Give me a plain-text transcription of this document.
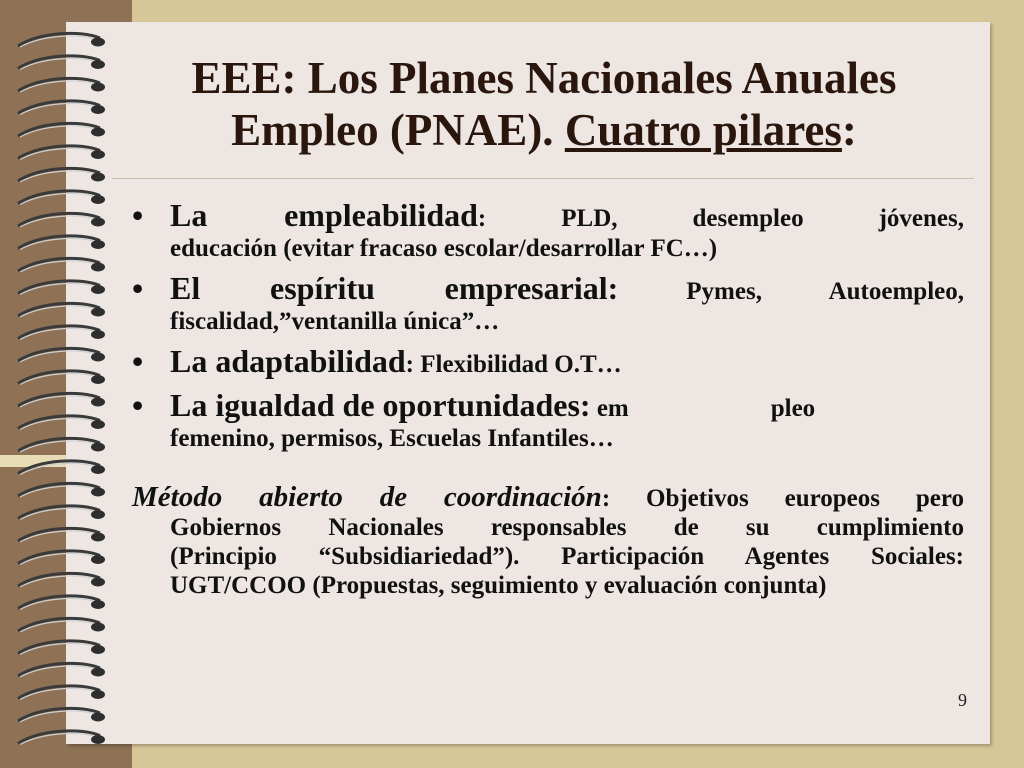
EEE: Los Planes Nacionales Anuales
Empleo (PNAE). Cuatro pilares:
• La empleabilidad: PLD, desempleo jóvenes,
educación (evitar fracaso escolar/desarrollar FC…)
• El espíritu empresarial: Pymes, Autoempleo,
fiscalidad,”ventanilla única”…
• La adaptabilidad: Flexibilidad O.T…
• La igualdad de oportunidades: em	pleo
femenino, permisos, Escuelas Infantiles…
Método abierto de coordinación: Objetivos europeos pero
Gobiernos Nacionales responsables de su cumplimiento
(Principio “Subsidiariedad”). Participación Agentes Sociales:
UGT/CCOO (Propuestas, seguimiento y evaluación conjunta)
9
